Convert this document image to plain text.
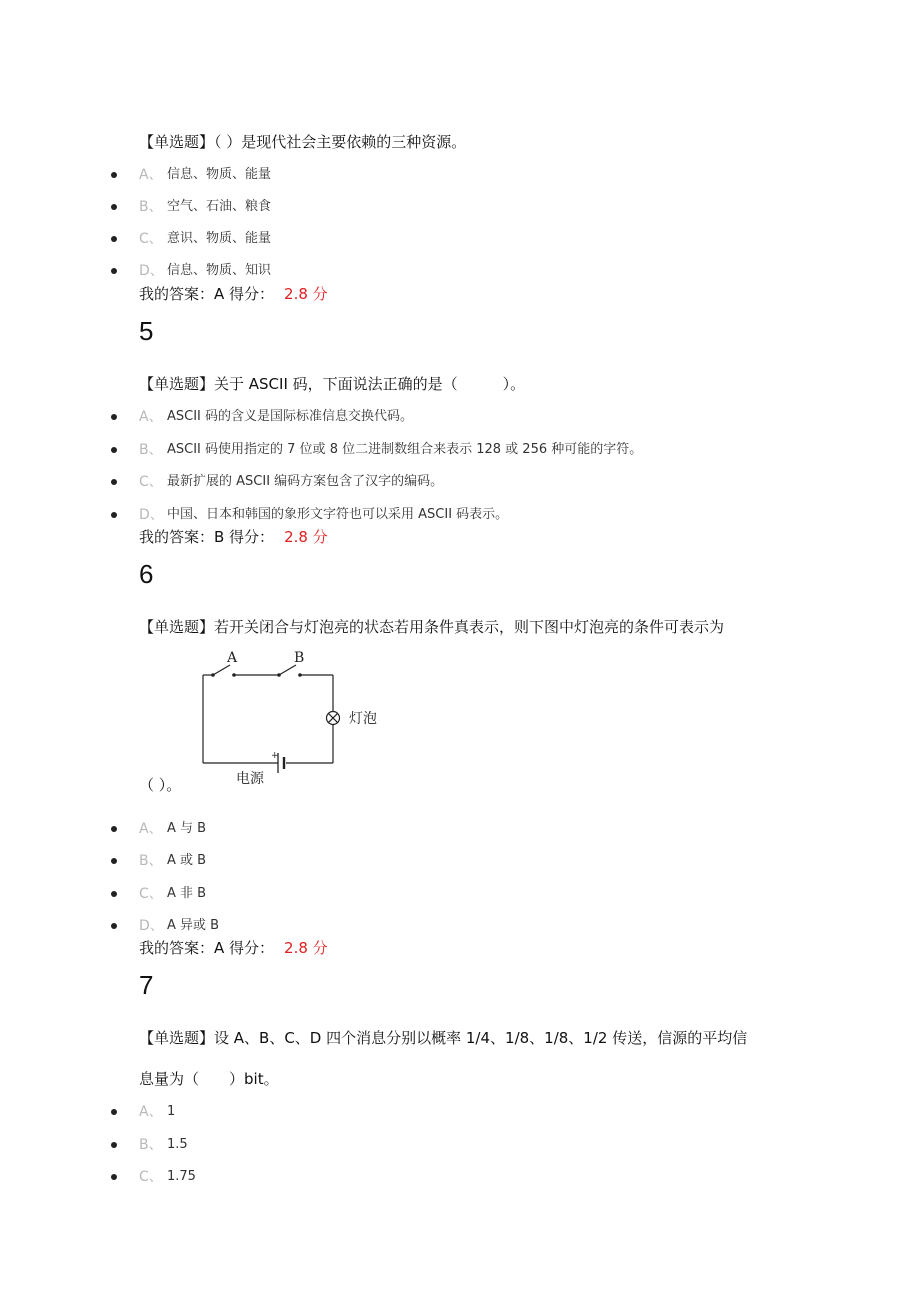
【单选题】（ ）是现代社会主要依赖的三种资源。
A、 信息、物质、能量
B、 空气、石油、粮食
C、 意识、物质、能量
D、 信息、物质、知识
我的答案：A 得分： 2.8 分
5
【单选题】关于 ASCII 码，下面说法正确的是（　　　）。
A、 ASCII 码的含义是国际标准信息交换代码。
B、 ASCII 码使用指定的 7 位或 8 位二进制数组合来表示 128 或 256 种可能的字符。
C、 最新扩展的 ASCII 编码方案包含了汉字的编码。
D、 中国、日本和韩国的象形文字符也可以采用 ASCII 码表示。
我的答案：B 得分： 2.8 分
6
【单选题】若开关闭合与灯泡亮的状态若用条件真表示，则下图中灯泡亮的条件可表示为
A	B
灯泡
+
电源
（ ）。
A、 A 与 B
B、 A 或 B
C、 A 非 B
D、 A 异或 B
我的答案：A 得分： 2.8 分
7
【单选题】设 A、B、C、D 四个消息分别以概率 1/4、1/8、1/8、1/2 传送，信源的平均信
息量为（　　）bit。
A、 1
B、 1.5
C、 1.75
